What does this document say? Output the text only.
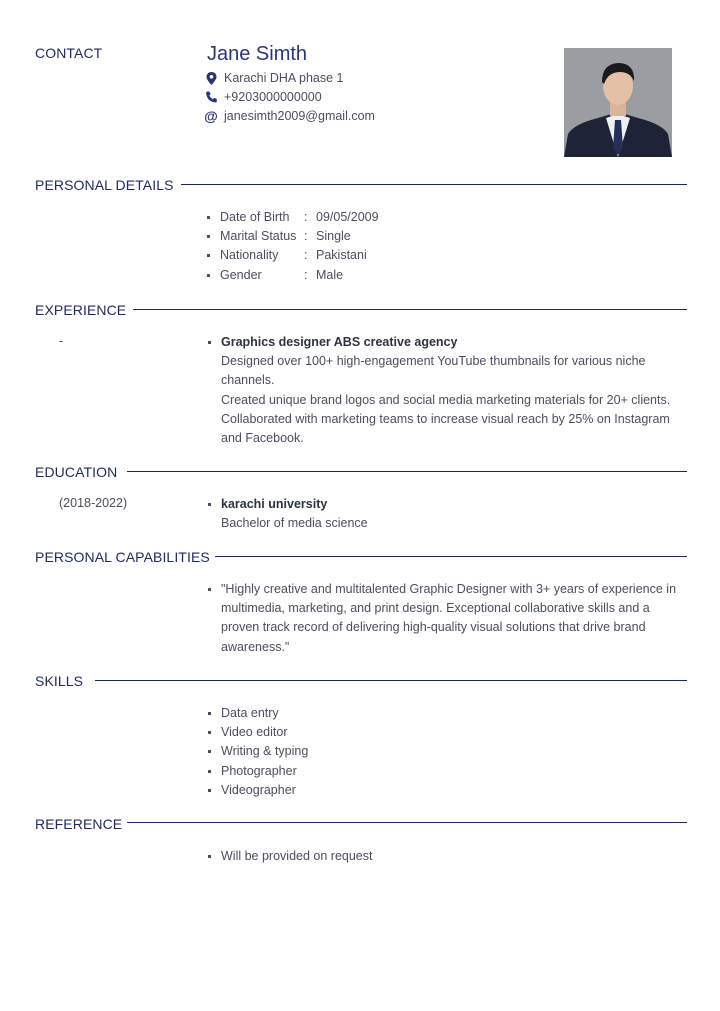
CONTACT	Jane Simth
Karachi DHA phase 1
+9203000000000
@ janesimth2009@gmail.com
PERSONAL DETAILS
Date of Birth	: 09/05/2009
Marital Status : Single
Nationality	: Pakistani
Gender	: Male
EXPERIENCE
-	Graphics designer ABS creative agency
Designed over 100+ high-engagement YouTube thumbnails for various niche channels.
Created unique brand logos and social media marketing materials for 20+ clients.
Collaborated with marketing teams to increase visual reach by 25% on Instagram and Facebook.
EDUCATION
(2018-2022)	karachi university
Bachelor of media science
PERSONAL CAPABILITIES
"Highly creative and multitalented Graphic Designer with 3+ years of experience in multimedia, marketing, and print design. Exceptional collaborative skills and a proven track record of delivering high-quality visual solutions that drive brand awareness."
SKILLS
Data entry
Video editor
Writing & typing
Photographer
Videographer
REFERENCE
Will be provided on request
